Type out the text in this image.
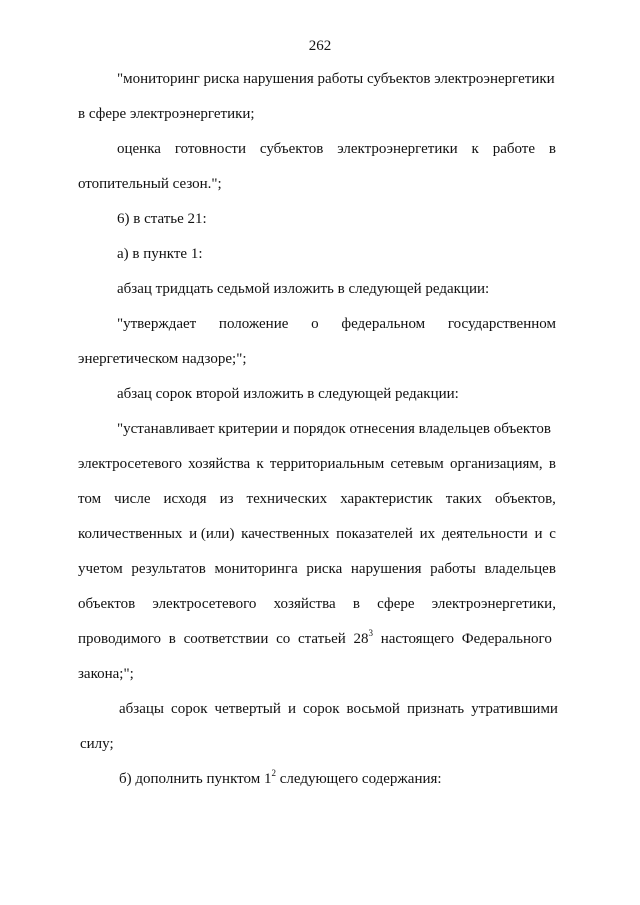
262
"мониторинг риска нарушения работы субъектов электроэнергетики
в сфере электроэнергетики;
оценка готовности субъектов электроэнергетики к работе в
отопительный сезон.";
6) в статье 21:
а) в пункте 1:
абзац тридцать седьмой изложить в следующей редакции:
"утверждает положение о федеральном государственном
энергетическом надзоре;";
абзац сорок второй изложить в следующей редакции:
"устанавливает критерии и порядок отнесения владельцев объектов
электросетевого хозяйства к территориальным сетевым организациям, в
том числе исходя из технических характеристик таких объектов,
количественных и (или) качественных показателей их деятельности и с
учетом результатов мониторинга риска нарушения работы владельцев
объектов электросетевого хозяйства в сфере электроэнергетики,
проводимого в соответствии со статьей $28^3$ настоящего Федерального
закона;";
абзацы сорок четвертый и сорок восьмой признать утратившими
силу;
б) дополнить пунктом $1^2$ следующего содержания:
